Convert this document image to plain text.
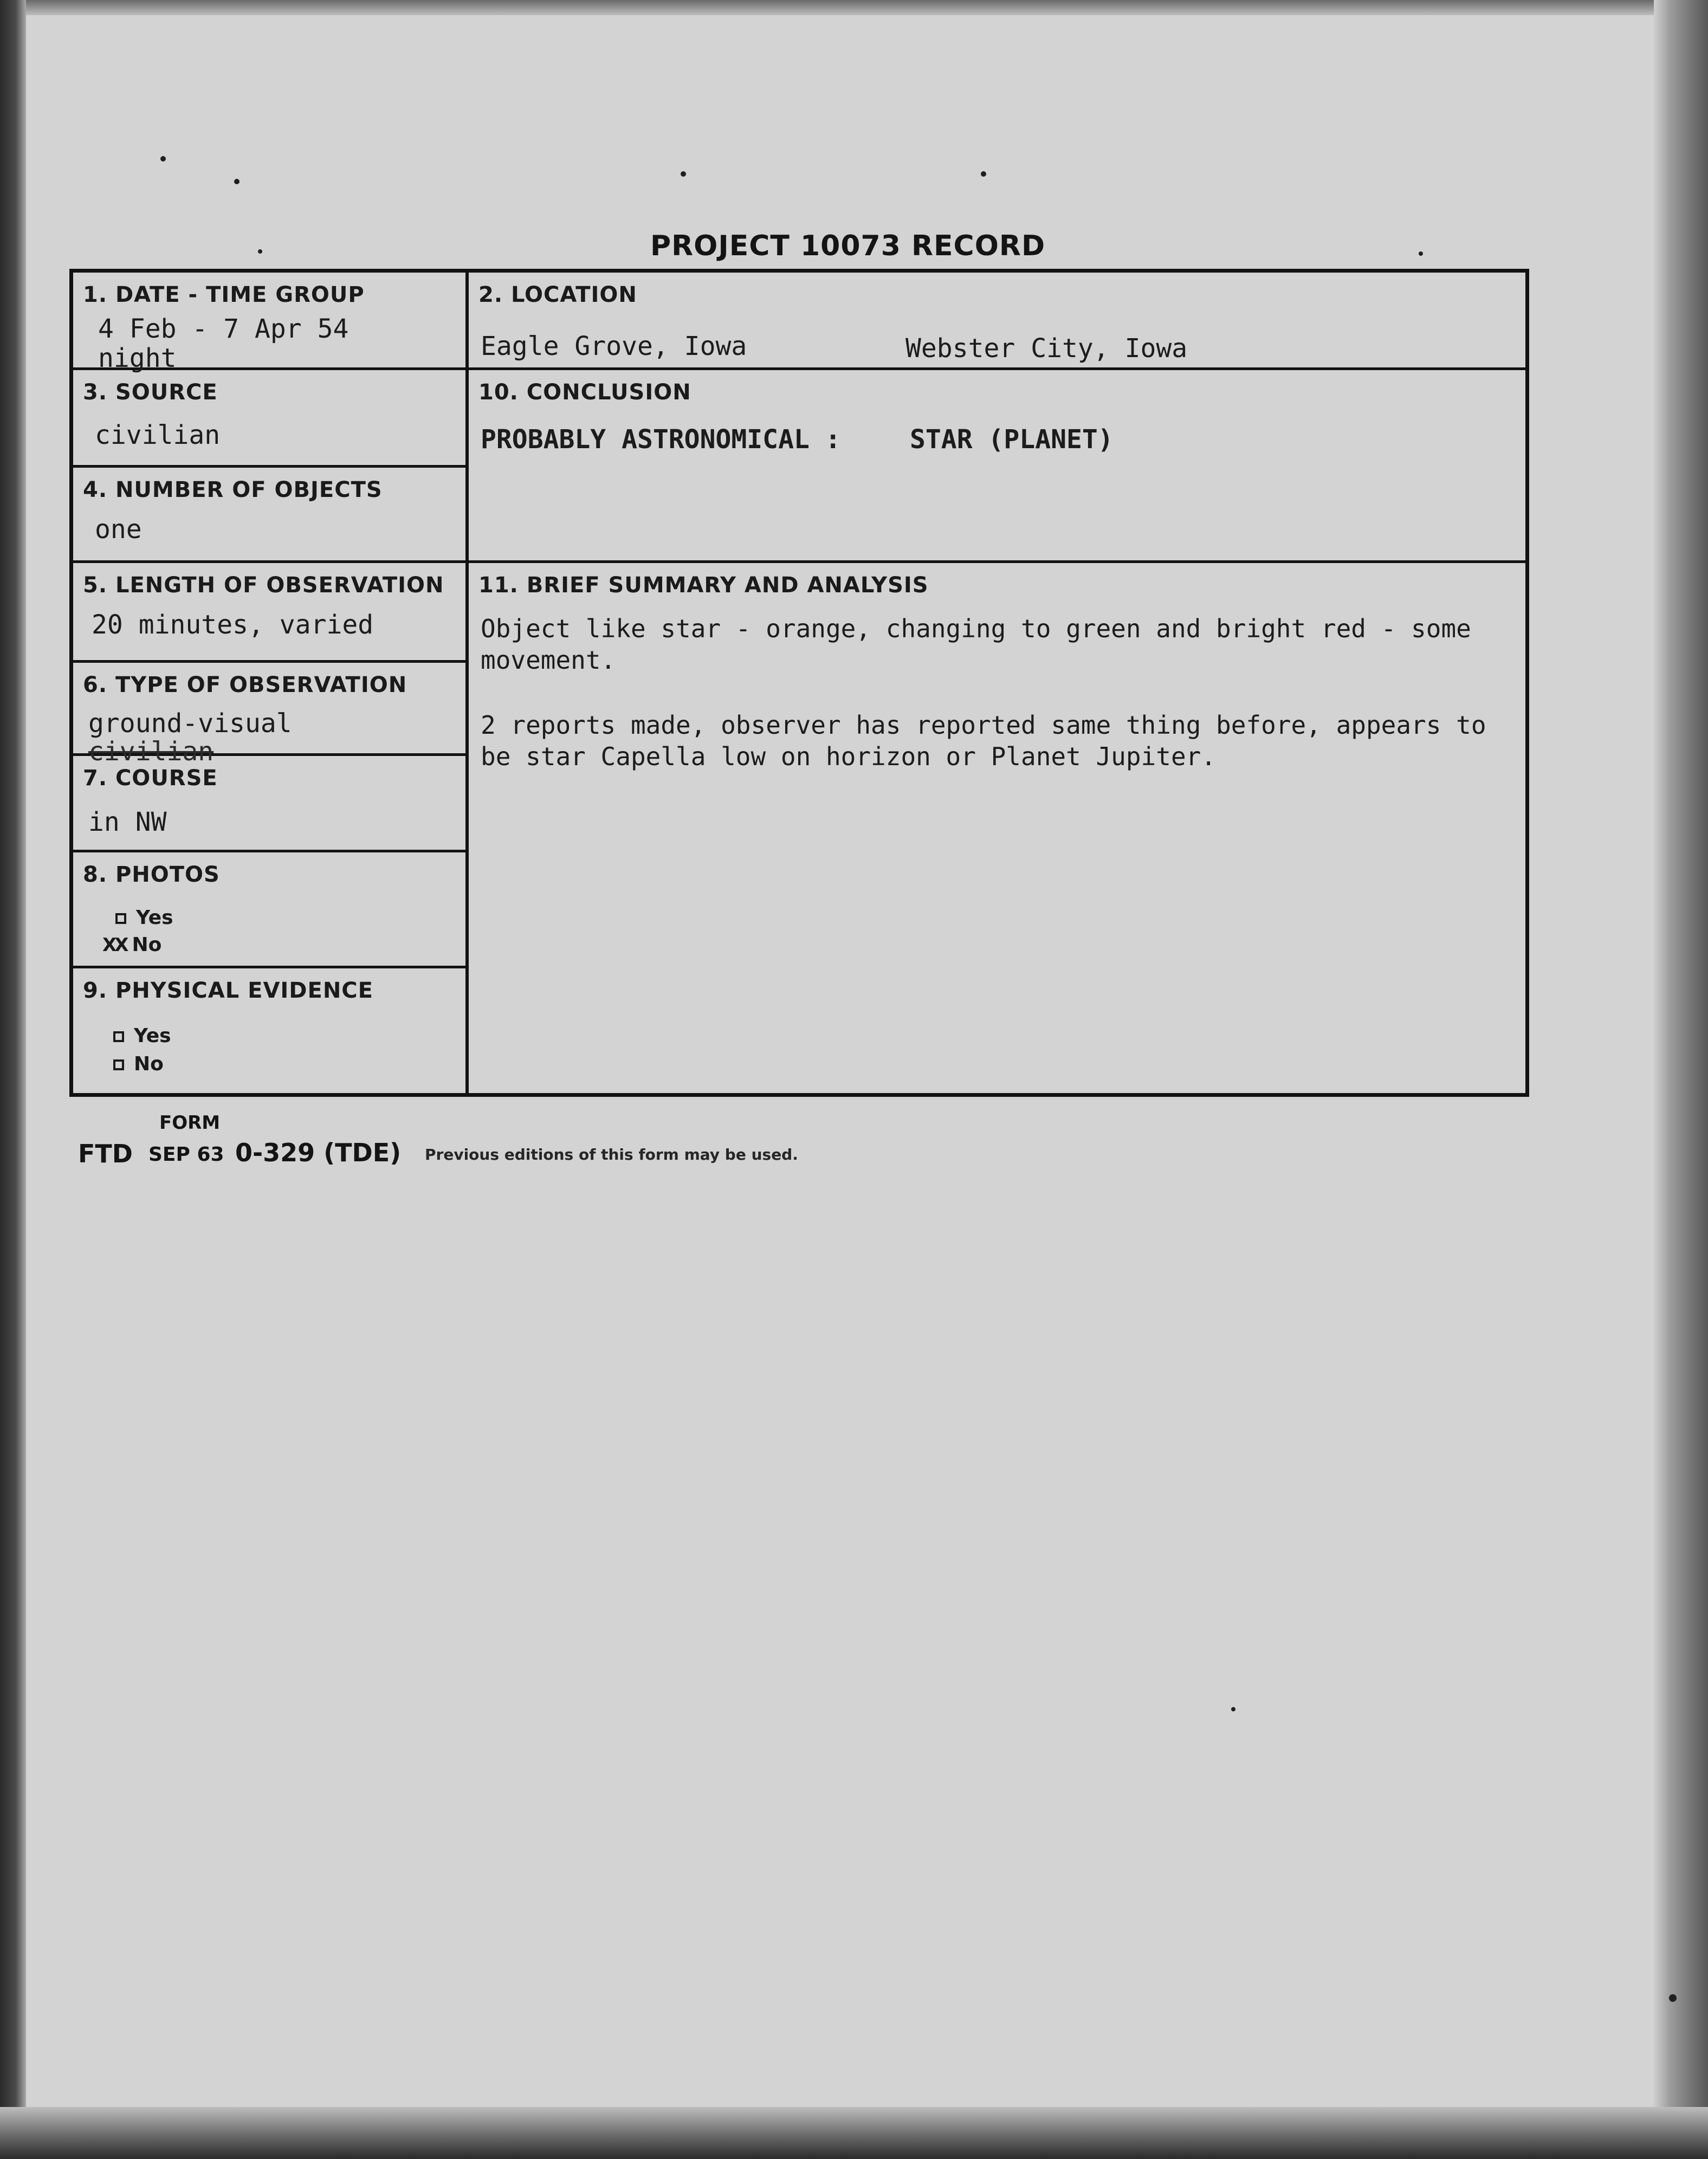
PROJECT 10073 RECORD
1. DATE - TIME GROUP
4 Feb - 7 Apr 54
night
3. SOURCE
civilian
4. NUMBER OF OBJECTS
one
5. LENGTH OF OBSERVATION
20 minutes, varied
6. TYPE OF OBSERVATION
ground-visual
civilian
7. COURSE
in NW
8. PHOTOS
Yes
XX No
9. PHYSICAL EVIDENCE
Yes
No
2. LOCATION
Eagle Grove, Iowa	Webster City, Iowa
10. CONCLUSION
PROBABLY ASTRONOMICAL :	STAR (PLANET)
11. BRIEF SUMMARY AND ANALYSIS
Object like star - orange, changing to green and bright red - some movement.
2 reports made, observer has reported same thing before, appears to be star Capella low on horizon or Planet Jupiter.
FORM
FTD SEP 63 0-329 (TDE) Previous editions of this form may be used.
